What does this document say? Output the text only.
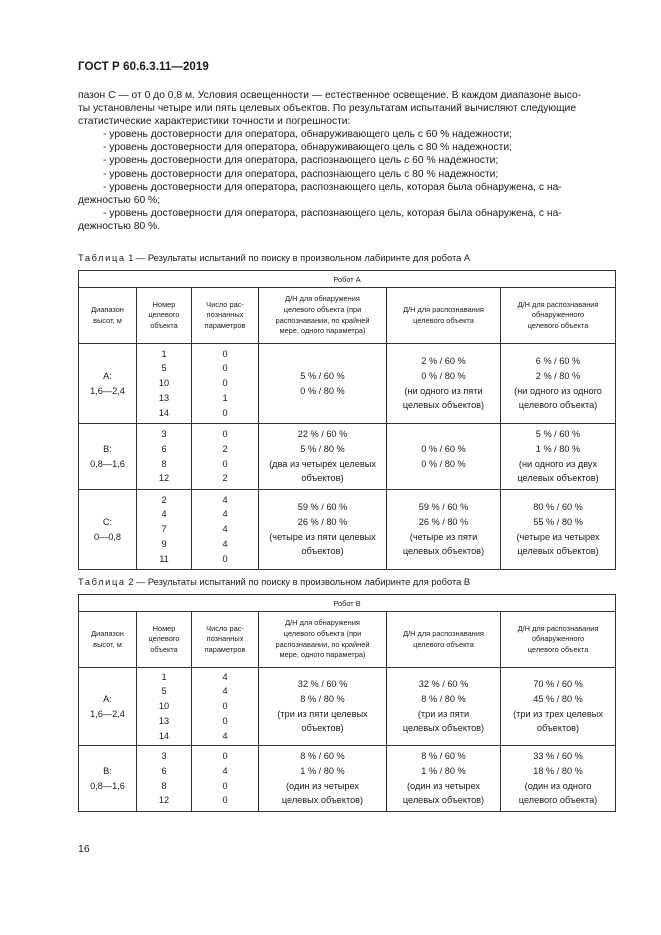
ГОСТ Р 60.6.3.11—2019

пазон С — от 0 до 0,8 м. Условия освещенности — естественное освещение. В каждом диапазоне высо-

ты установлены четыре или пять целевых объектов. По результатам испытаний вычисляют следующие

статистические характеристики точности и погрешности:

- уровень достоверности для оператора, обнаруживающего цель с 60 % надежности;

- уровень достоверности для оператора, обнаруживающего цель с 80 % надежности;

- уровень достоверности для оператора, распознающего цель с 60 % надежности;

- уровень достоверности для оператора, распознающего цель с 80 % надежности;

- уровень достоверности для оператора, распознающего цель, которая была обнаружена, с на-

дежностью 60 %;

- уровень достоверности для оператора, распознающего цель, которая была обнаружена, с на-

дежностью 80 %.

Таблица 1 — Результаты испытаний по поиску в произвольном лабиринте для робота А
Робот А					

Диапазон
высот, м	Номер
целевого
объекта	Число рас-
познанных
параметров	Д/Н для обнаружения
целевого объекта (при
распознавании, по крайней
мере, одного параметра)	Д/Н для распознавания
целевого объекта	Д/Н для распознавания
обнаруженного
целевого объекта

A:
1,6—2,4	1
5
10
13
14	0
0
0
1
0	5 % / 60 %
0 % / 80 %	2 % / 60 %
0 % / 80 %
(ни одного из пяти
целевых объектов)	6 % / 60 %
2 % / 80 %
(ни одного из одного
целевого объекта)

B:
0,8—1,6	3
6
8
12	0
2
0
2	22 % / 60 %
5 % / 80 %
(два из четырех целевых
объектов)	0 % / 60 %
0 % / 80 %	5 % / 60 %
1 % / 80 %
(ни одного из двух
целевых объектов)

C:
0—0,8	2
4
7
9
11	4
4
4
4
0	59 % / 60 %
26 % / 80 %
(четыре из пяти целевых
объектов)	59 % / 60 %
26 % / 80 %
(четыре из пяти
целевых объектов)	80 % / 60 %
55 % / 80 %
(четыре из четырех
целевых объектов)
Таблица 2 — Результаты испытаний по поиску в произвольном лабиринте для робота В
Робот В					

Диапазон
высот, м	Номер
целевого
объекта	Число рас-
познанных
параметров	Д/Н для обнаружения
целевого объекта (при
распознавании, по крайней
мере, одного параметра)	Д/Н для распознавания
целевого объекта	Д/Н для распознавания
обнаруженного
целевого объекта

A:
1,6—2,4	1
5
10
13
14	4
4
0
0
4	32 % / 60 %
8 % / 80 %
(три из пяти целевых
объектов)	32 % / 60 %
8 % / 80 %
(три из пяти
целевых объектов)	70 % / 60 %
45 % / 80 %
(три из трех целевых
объектов)

B:
0,8—1,6	3
6
8
12	0
4
0
0	8 % / 60 %
1 % / 80 %
(один из четырех
целевых объектов)	8 % / 60 %
1 % / 80 %
(один из четырех
целевых объектов)	33 % / 60 %
18 % / 80 %
(один из одного
целевого объекта)
16
